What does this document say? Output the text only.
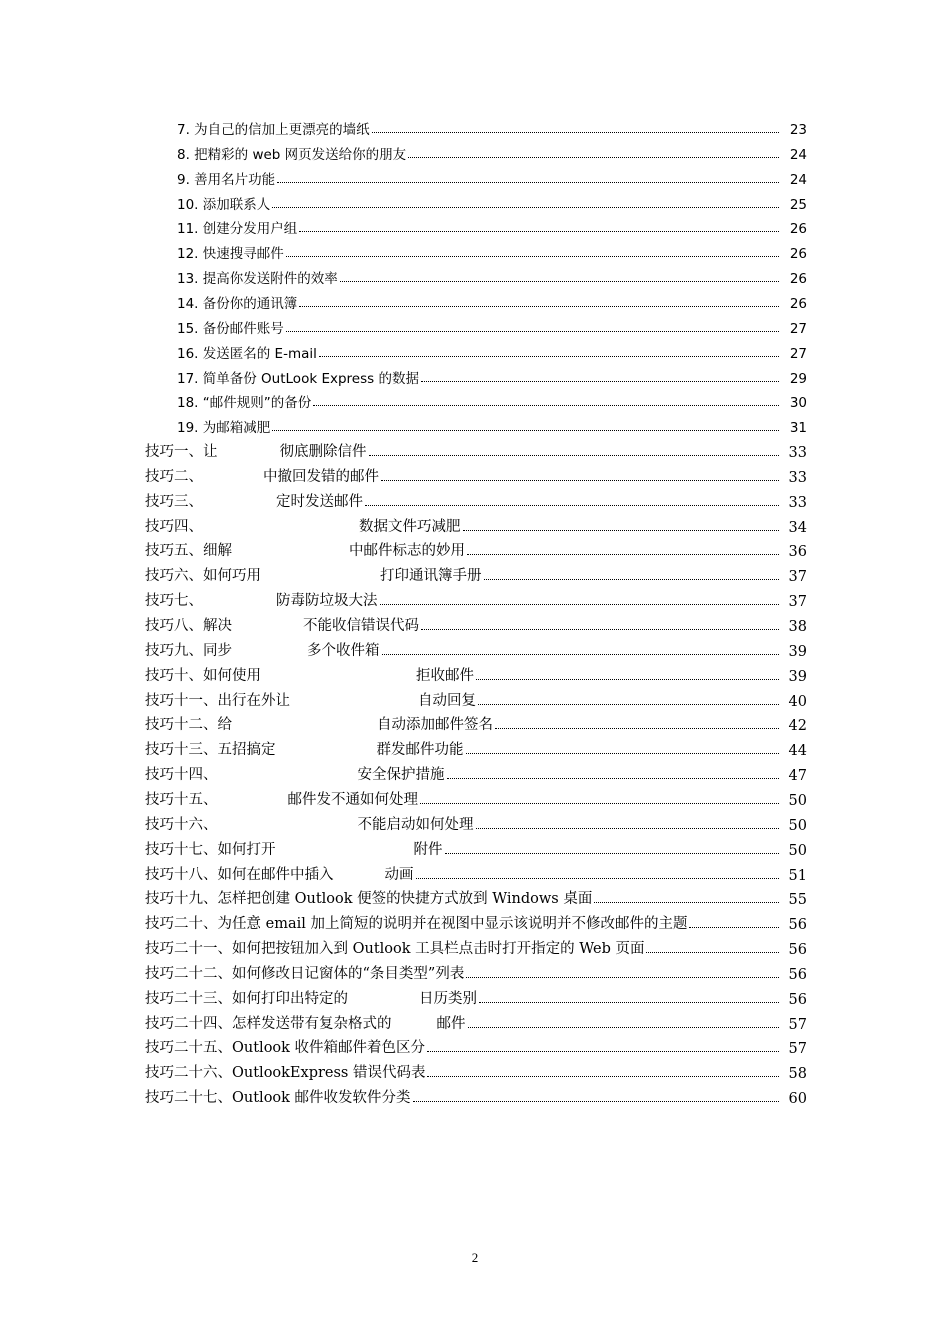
7. 为自己的信加上更漂亮的墙纸	23
8. 把精彩的 web 网页发送给你的朋友	24
9. 善用名片功能	24
10. 添加联系人	25
11. 创建分发用户组	26
12. 快速搜寻邮件	26
13. 提高你发送附件的效率	26
14. 备份你的通讯簿	26
15. 备份邮件账号	27
16. 发送匿名的 E-mail	27
17. 简单备份 OutLook Express 的数据	29
18. “邮件规则”的备份	30
19. 为邮箱减肥	31
技巧一、让	彻底删除信件	33
技巧二、	中撤回发错的邮件	33
技巧三、	定时发送邮件	33
技巧四、	数据文件巧减肥	34
技巧五、细解	中邮件标志的妙用	36
技巧六、如何巧用	打印通讯簿手册	37
技巧七、	防毒防垃圾大法	37
技巧八、解决	不能收信错误代码	38
技巧九、同步	多个收件箱	39
技巧十、如何使用	拒收邮件	39
技巧十一、出行在外让	自动回复	40
技巧十二、给	自动添加邮件签名	42
技巧十三、五招搞定	群发邮件功能	44
技巧十四、	安全保护措施	47
技巧十五、	邮件发不通如何处理	50
技巧十六、	不能启动如何处理	50
技巧十七、如何打开	附件	50
技巧十八、如何在邮件中插入	动画	51
技巧十九、怎样把创建 Outlook 便签的快捷方式放到 Windows 桌面	55
技巧二十、为任意 email 加上简短的说明并在视图中显示该说明并不修改邮件的主题	56
技巧二十一、如何把按钮加入到 Outlook 工具栏点击时打开指定的 Web 页面	56
技巧二十二、如何修改日记窗体的“条目类型”列表	56
技巧二十三、如何打印出特定的	日历类别	56
技巧二十四、怎样发送带有复杂格式的	邮件	57
技巧二十五、Outlook 收件箱邮件着色区分	57
技巧二十六、OutlookExpress 错误代码表	58
技巧二十七、Outlook 邮件收发软件分类	60
2
